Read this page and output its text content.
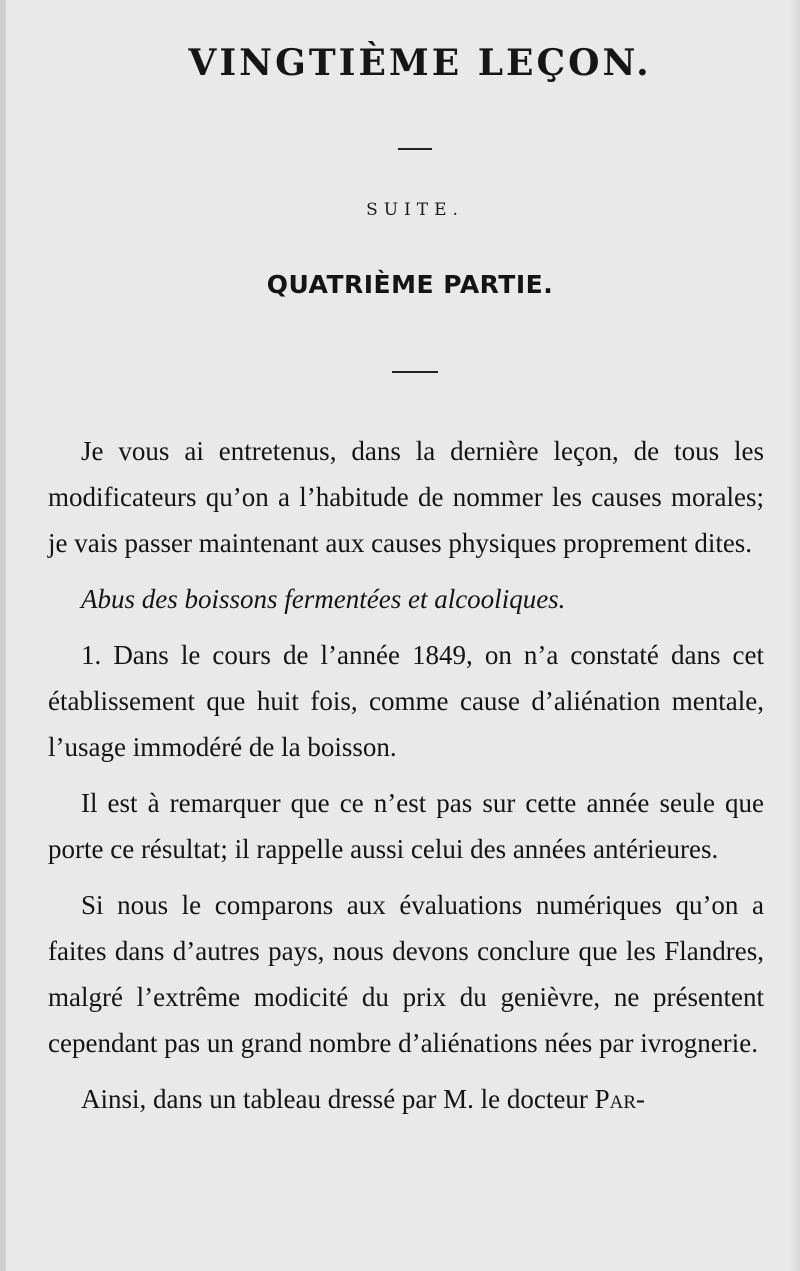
VINGTIÈME LEÇON.
SUITE.
QUATRIÈME PARTIE.

Je vous ai entretenus, dans la dernière leçon, de tous les modificateurs qu’on a l’habitude de nommer les causes morales; je vais passer maintenant aux causes physiques proprement dites.

Abus des boissons fermentées et alcooliques.

1. Dans le cours de l’année 1849, on n’a constaté dans cet établissement que huit fois, comme cause d’aliénation mentale, l’usage immodéré de la boisson.

Il est à remarquer que ce n’est pas sur cette année seule que porte ce résultat; il rappelle aussi celui des années antérieures.

Si nous le comparons aux évaluations numériques qu’on a faites dans d’autres pays, nous devons conclure que les Flandres, malgré l’extrême modicité du prix du genièvre, ne présentent cependant pas un grand nombre d’aliénations nées par ivrognerie.

Ainsi, dans un tableau dressé par M. le docteur Par-
